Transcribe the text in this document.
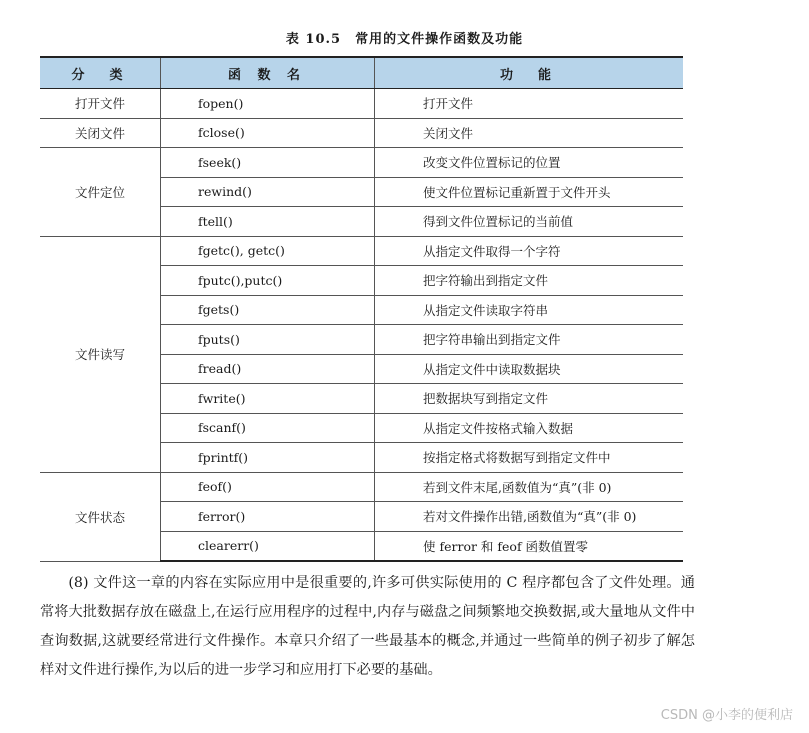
表 10.5　常用的文件操作函数及功能
分　类	函 数 名	功　能
打开文件	fopen()	打开文件
关闭文件	fclose()	关闭文件
文件定位	fseek()	改变文件位置标记的位置
	rewind()	使文件位置标记重新置于文件开头
	ftell()	得到文件位置标记的当前值
文件读写	fgetc(), getc()	从指定文件取得一个字符
	fputc(),putc()	把字符输出到指定文件
	fgets()	从指定文件读取字符串
	fputs()	把字符串输出到指定文件
	fread()	从指定文件中读取数据块
	fwrite()	把数据块写到指定文件
	fscanf()	从指定文件按格式输入数据
	fprintf()	按指定格式将数据写到指定文件中
文件状态	feof()	若到文件末尾,函数值为“真”(非 0)
	ferror()	若对文件操作出错,函数值为“真”(非 0)
	clearerr()	使 ferror 和 feof 函数值置零

(8) 文件这一章的内容在实际应用中是很重要的,许多可供实际使用的 C 程序都包含了文件处理。通常将大批数据存放在磁盘上,在运行应用程序的过程中,内存与磁盘之间频繁地交换数据,或大量地从文件中查询数据,这就要经常进行文件操作。本章只介绍了一些最基本的概念,并通过一些简单的例子初步了解怎样对文件进行操作,为以后的进一步学习和应用打下必要的基础。

CSDN @小李的便利店
